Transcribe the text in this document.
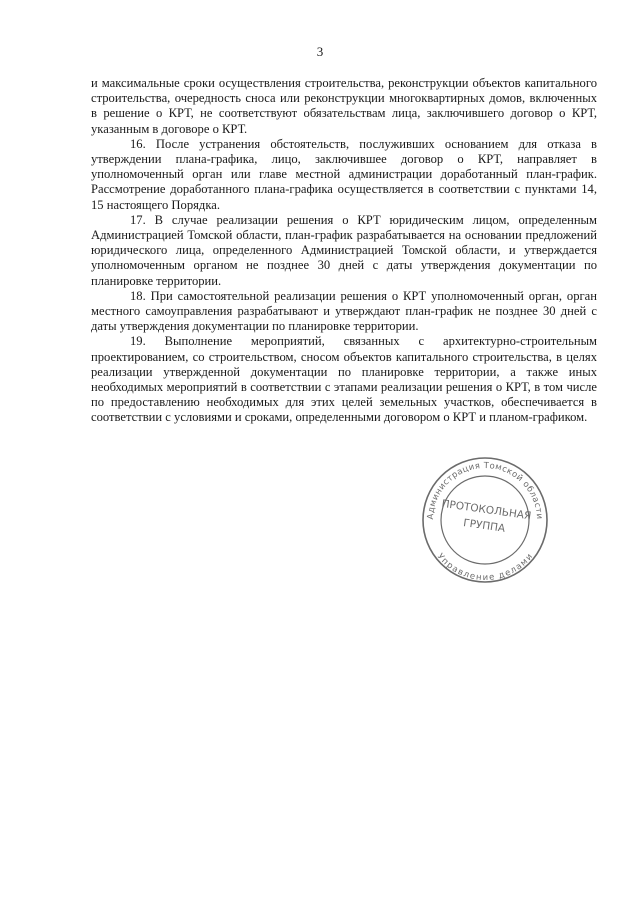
3

и максимальные сроки осуществления строительства, реконструкции объектов капитального строительства, очередность сноса или реконструкции многоквартирных домов, включенных в решение о КРТ, не соответствуют обязательствам лица, заключившего договор о КРТ, указанным в договоре о КРТ.

16. После устранения обстоятельств, послуживших основанием для отказа в утверждении плана-графика, лицо, заключившее договор о КРТ, направляет в уполномоченный орган или главе местной администрации доработанный план-график. Рассмотрение доработанного плана-графика осуществляется в соответствии с пунктами 14, 15 настоящего Порядка.

17. В случае реализации решения о КРТ юридическим лицом, определенным Администрацией Томской области, план-график разрабатывается на основании предложений юридического лица, определенного Администрацией Томской области, и утверждается уполномоченным органом не позднее 30 дней с даты утверждения документации по планировке территории.

18. При самостоятельной реализации решения о КРТ уполномоченный орган, орган местного самоуправления разрабатывают и утверждают план-график не позднее 30 дней с даты утверждения документации по планировке территории.

19. Выполнение мероприятий, связанных с архитектурно-строительным проектированием, со строительством, сносом объектов капитального строительства, в целях реализации утвержденной документации по планировке территории, а также иных необходимых мероприятий в соответствии с этапами реализации решения о КРТ, в том числе по предоставлению необходимых для этих целей земельных участков, обеспечивается в соответствии с условиями и сроками, определенными договором о КРТ и планом-графиком.

Администрация Томской области
Управление делами
ПРОТОКОЛЬНАЯ
ГРУППА
